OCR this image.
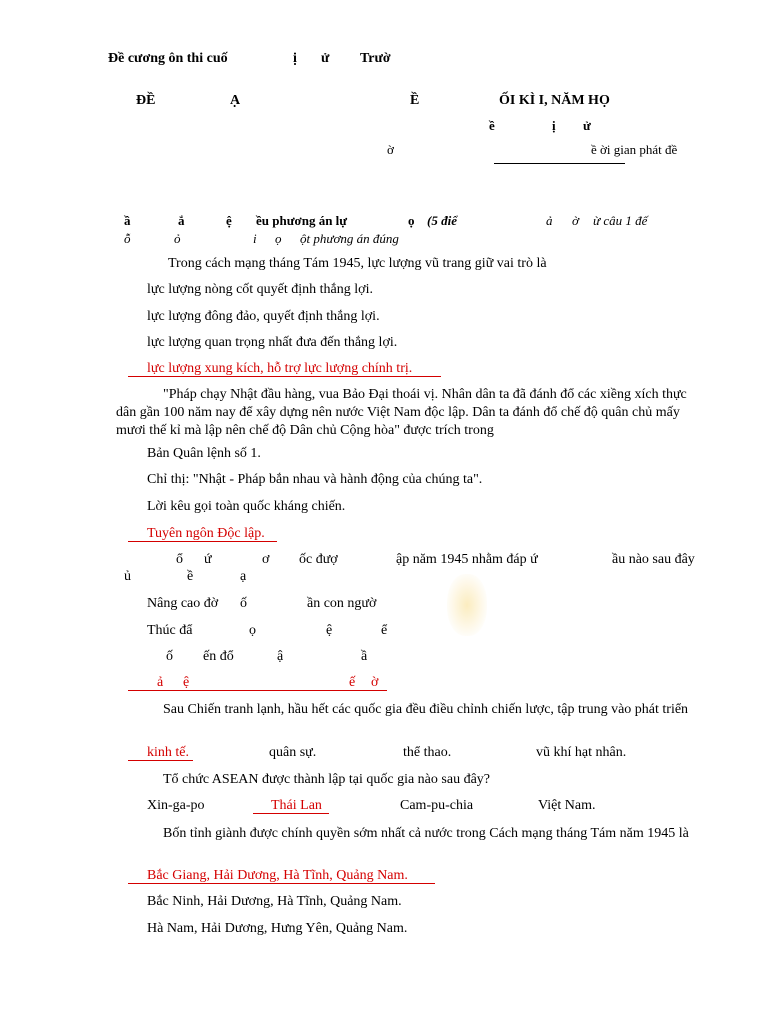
Đề cương ôn thi cuố	ị ử Trườ
ĐỀ	Ạ	Ề	ỐI KÌ I, NĂM HỌ
ề	ị ử
ờ	ề ời gian phát đề
ầ	ắ	ệ ều phương án lự	ọ (5 điể	ả ờ ừ câu 1 đế
ỗ	ỏ	i ọ ột phương án đúng
Trong cách mạng tháng Tám 1945, lực lượng vũ trang giữ vai trò là
lực lượng nòng cốt quyết định thắng lợi.
lực lượng đông đảo, quyết định thắng lợi.
lực lượng quan trọng nhất đưa đến thắng lợi.
lực lượng xung kích, hỗ trợ lực lượng chính trị.
"Pháp chạy Nhật đầu hàng, vua Bảo Đại thoái vị. Nhân dân ta đã đánh đổ các xiềng xích thực dân gần 100 năm nay để xây dựng nên nước Việt Nam độc lập. Dân ta đánh đổ chế độ quân chủ mấy mươi thế kỉ mà lập nên chế độ Dân chủ Cộng hòa" được trích trong
Bản Quân lệnh số 1.
Chỉ thị: "Nhật - Pháp bắn nhau và hành động của chúng ta".
Lời kêu gọi toàn quốc kháng chiến.
Tuyên ngôn Độc lập.
ổ ứ	ơ ốc đượ	ập năm 1945 nhằm đáp ứ	ầu nào sau đây
ủ	ề	ạ
Nâng cao đờ ố	ần con ngườ
Thúc đẩ	ọ	ệ	ể
ố ến đổ	ậ	ầ
ả ệ	ế ờ
Sau Chiến tranh lạnh, hầu hết các quốc gia đều điều chỉnh chiến lược, tập trung vào phát triển
kinh tế.	quân sự.	thể thao.	vũ khí hạt nhân.
Tổ chức ASEAN được thành lập tại quốc gia nào sau đây?
Xin-ga-po	Thái Lan	Cam-pu-chia	Việt Nam.
Bốn tỉnh giành được chính quyền sớm nhất cả nước trong Cách mạng tháng Tám năm 1945 là
Bắc Giang, Hải Dương, Hà Tĩnh, Quảng Nam.
Bắc Ninh, Hải Dương, Hà Tĩnh, Quảng Nam.
Hà Nam, Hải Dương, Hưng Yên, Quảng Nam.
